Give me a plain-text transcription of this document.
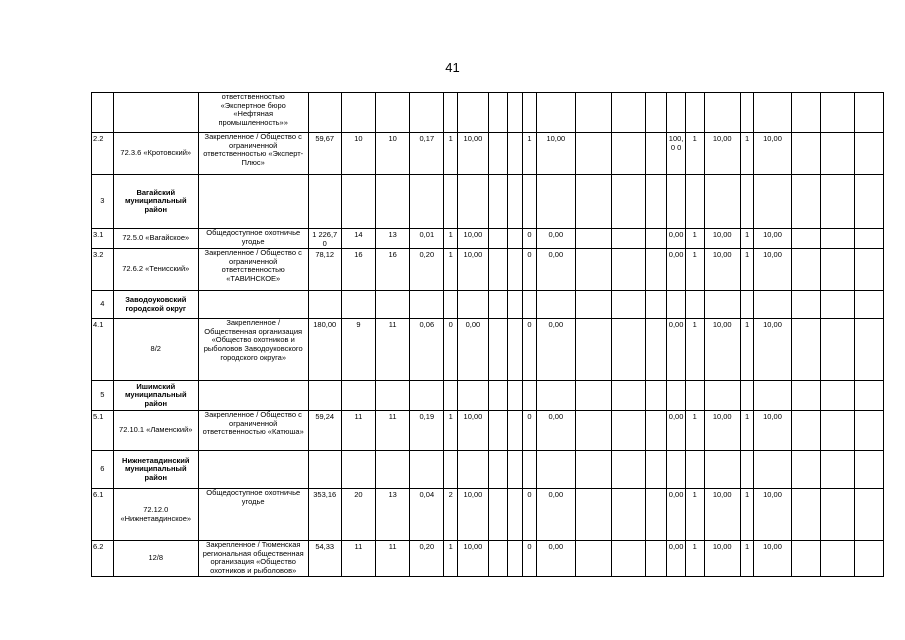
41
		ответственностью «Экспертное бюро «Нефтяная промышленность»»																					
2.2	72.3.6 «Кротовский»	Закрепленное / Общество с ограниченной ответственностью «Эксперт-Плюс»	59,67	10	10	0,17	1	10,00			1	10,00				100,0 0	1	10,00	1	10,00			
3	Вагайский муниципальный район																						
3.1	72.5.0 «Вагайское»	Общедоступное охотничье угодье	1 226,7 0	14	13	0,01	1	10,00			0	0,00				0,00	1	10,00	1	10,00			
3.2	72.6.2 «Тенисский»	Закрепленное / Общество с ограниченной ответственностью «ТАВИНСКОЕ»	78,12	16	16	0,20	1	10,00			0	0,00				0,00	1	10,00	1	10,00			
4	Заводоуковский городской округ																						
4.1	8/2	Закрепленное / Общественная организация «Общество охотников и рыболовов Заводоуковского городского округа»	180,00	9	11	0,06	0	0,00			0	0,00				0,00	1	10,00	1	10,00			
5	Ишимский муниципальный район																						
5.1	72.10.1 «Ламенский»	Закрепленное / Общество с ограниченной ответственностью «Катюша»	59,24	11	11	0,19	1	10,00			0	0,00				0,00	1	10,00	1	10,00			
6	Нижнетавдинский муниципальный район																						
6.1	72.12.0 «Нижнетавдинское»	Общедоступное охотничье угодье	353,16	20	13	0,04	2	10,00			0	0,00				0,00	1	10,00	1	10,00			
6.2	12/8	Закрепленное / Тюменская региональная общественная организация «Общество охотников и рыболовов»	54,33	11	11	0,20	1	10,00			0	0,00				0,00	1	10,00	1	10,00			
